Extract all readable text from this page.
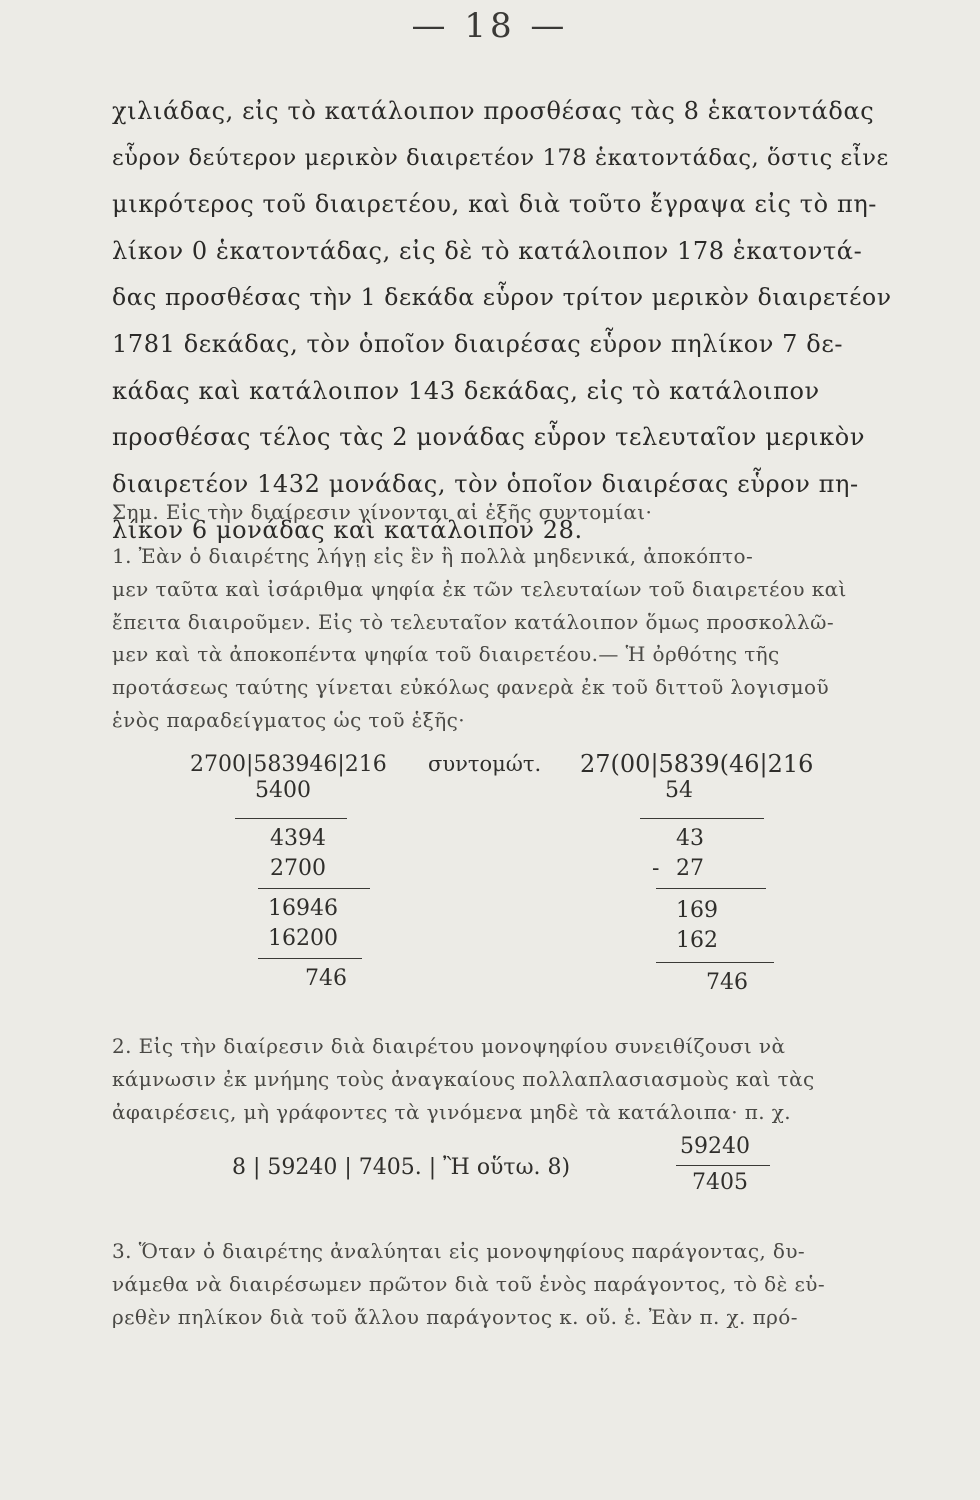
— 18 —
χιλιάδας, εἰς τὸ κατάλοιπον προσθέσας τὰς 8 ἑκατοντάδας
εὗρον δεύτερον μερικὸν διαιρετέον 178 ἑκατοντάδας, ὅστις εἶνε
μικρότερος τοῦ διαιρετέου, καὶ διὰ τοῦτο ἔγραψα εἰς τὸ πη-
λίκον 0 ἑκατοντάδας, εἰς δὲ τὸ κατάλοιπον 178 ἑκατοντά-
δας προσθέσας τὴν 1 δεκάδα εὗρον τρίτον μερικὸν διαιρετέον
1781 δεκάδας, τὸν ὁποῖον διαιρέσας εὗρον πηλίκον 7 δε-
κάδας καὶ κατάλοιπον 143 δεκάδας, εἰς τὸ κατάλοιπον
προσθέσας τέλος τὰς 2 μονάδας εὗρον τελευταῖον μερικὸν
διαιρετέον 1432 μονάδας, τὸν ὁποῖον διαιρέσας εὗρον πη-
λίκον 6 μονάδας καὶ κατάλοιπον 28.
Σημ. Εἰς τὴν διαίρεσιν γίνονται αἱ ἑξῆς συντομίαι·
1. Ἐὰν ὁ διαιρέτης λήγῃ εἰς ἓν ἢ πολλὰ μηδενικά, ἀποκόπτο-
μεν ταῦτα καὶ ἰσάριθμα ψηφία ἐκ τῶν τελευταίων τοῦ διαιρετέου καὶ
ἔπειτα διαιροῦμεν. Εἰς τὸ τελευταῖον κατάλοιπον ὅμως προσκολλῶ-
μεν καὶ τὰ ἀποκοπέντα ψηφία τοῦ διαιρετέου.— Ἡ ὀρθότης τῆς
προτάσεως ταύτης γίνεται εὐκόλως φανερὰ ἐκ τοῦ διττοῦ λογισμοῦ
ἑνὸς παραδείγματος ὡς τοῦ ἑξῆς·
2700|583946|216
5400
4394
2700
16946
16200
746
συντομώτ. 27(00|5839(46|216
54
43
- 27
169
162
746
2. Εἰς τὴν διαίρεσιν διὰ διαιρέτου μονοψηφίου συνειθίζουσι νὰ
κάμνωσιν ἐκ μνήμης τοὺς ἀναγκαίους πολλαπλασιασμοὺς καὶ τὰς
ἀφαιρέσεις, μὴ γράφοντες τὰ γινόμενα μηδὲ τὰ κατάλοιπα· π. χ.
8 | 59240 | 7405. | Ἢ οὕτω. 8)
59240
7405
3. Ὅταν ὁ διαιρέτης ἀναλύηται εἰς μονοψηφίους παράγοντας, δυ-
νάμεθα νὰ διαιρέσωμεν πρῶτον διὰ τοῦ ἑνὸς παράγοντος, τὸ δὲ εὑ-
ρεθὲν πηλίκον διὰ τοῦ ἄλλου παράγοντος κ. οὕ. ἑ. Ἐὰν π. χ. πρό-
